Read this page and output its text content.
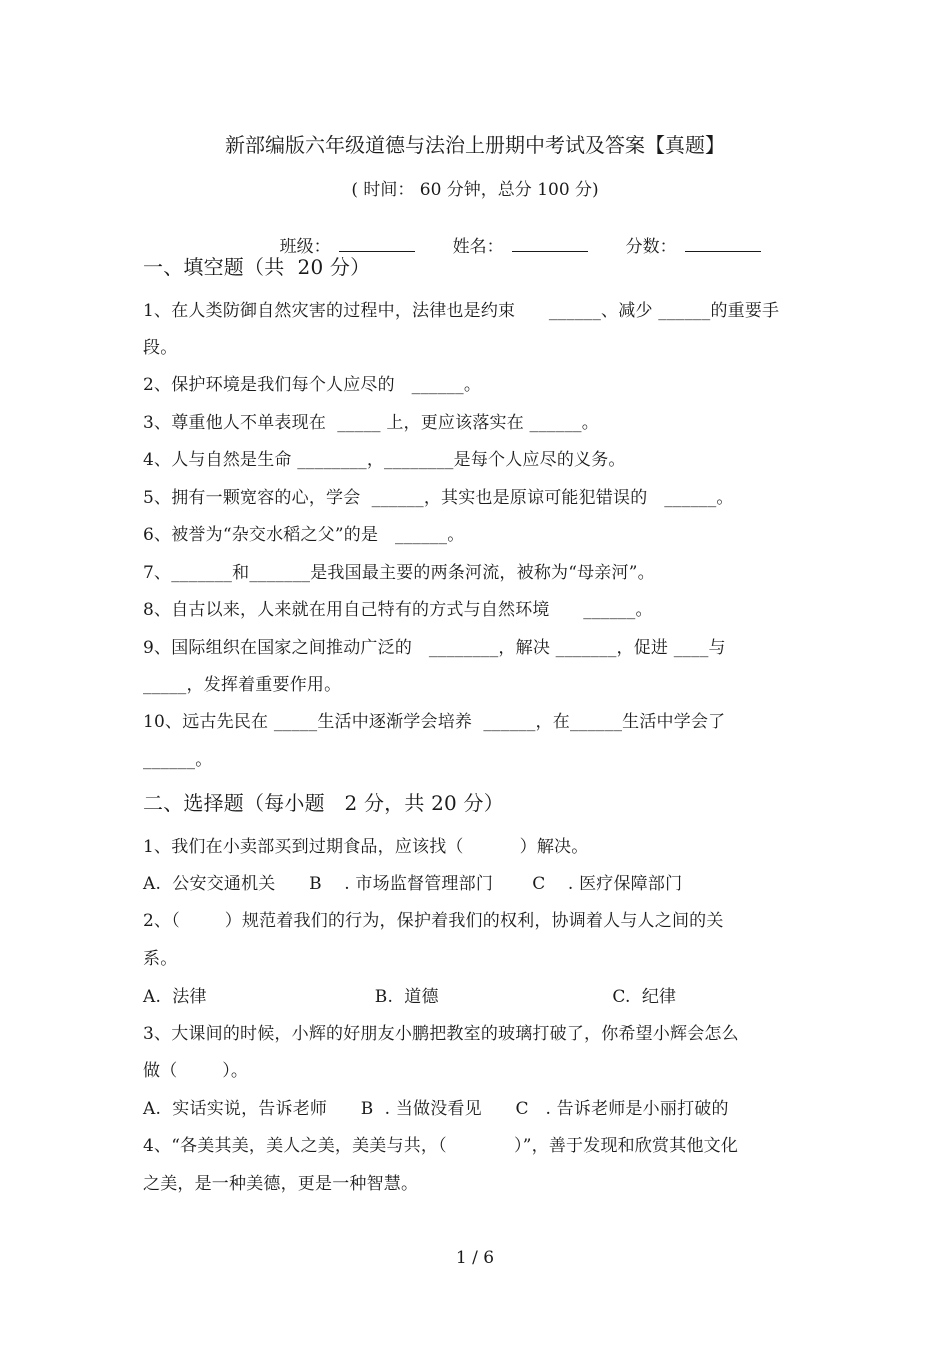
新部编版六年级道德与法治上册期中考试及答案【真题】
( 时间： 60 分钟，总分 100 分)

班级：
	姓名：
	分数：

一、填空题（共  20 分）
1、在人类防御自然灾害的过程中，法律也是约束      ______、减少 ______的重要手
段。
2、保护环境是我们每个人应尽的   ______。
3、尊重他人不单表现在  _____ 上，更应该落实在 ______。
4、人与自然是生命 ________，________是每个人应尽的义务。
5、拥有一颗宽容的心，学会  ______，其实也是原谅可能犯错误的   ______。
6、被誉为“杂交水稻之父”的是   ______。
7、_______和_______是我国最主要的两条河流，被称为“母亲河”。
8、自古以来，人来就在用自己特有的方式与自然环境      ______。
9、国际组织在国家之间推动广泛的   ________，解决 _______，促进 ____与
_____，发挥着重要作用。
10、远古先民在 _____生活中逐渐学会培养  ______，在______生活中学会了
______。
二、选择题（每小题   2 分，共 20 分）
1、我们在小卖部买到过期食品，应该找（          ）解决。
A.  公安交通机关      B    . 市场监督管理部门       C    . 医疗保障部门
2、（        ）规范着我们的行为，保护着我们的权利，协调着人与人之间的关
系。
A.  法律                              B.  道德                               C.  纪律
3、大课间的时候，小辉的好朋友小鹏把教室的玻璃打破了，你希望小辉会怎么
做（        ）。
A.  实话实说，告诉老师      B  . 当做没看见      C   . 告诉老师是小丽打破的
4、“各美其美，美人之美，美美与共，（            ）”，善于发现和欣赏其他文化
之美，是一种美德，更是一种智慧。
1 / 6
